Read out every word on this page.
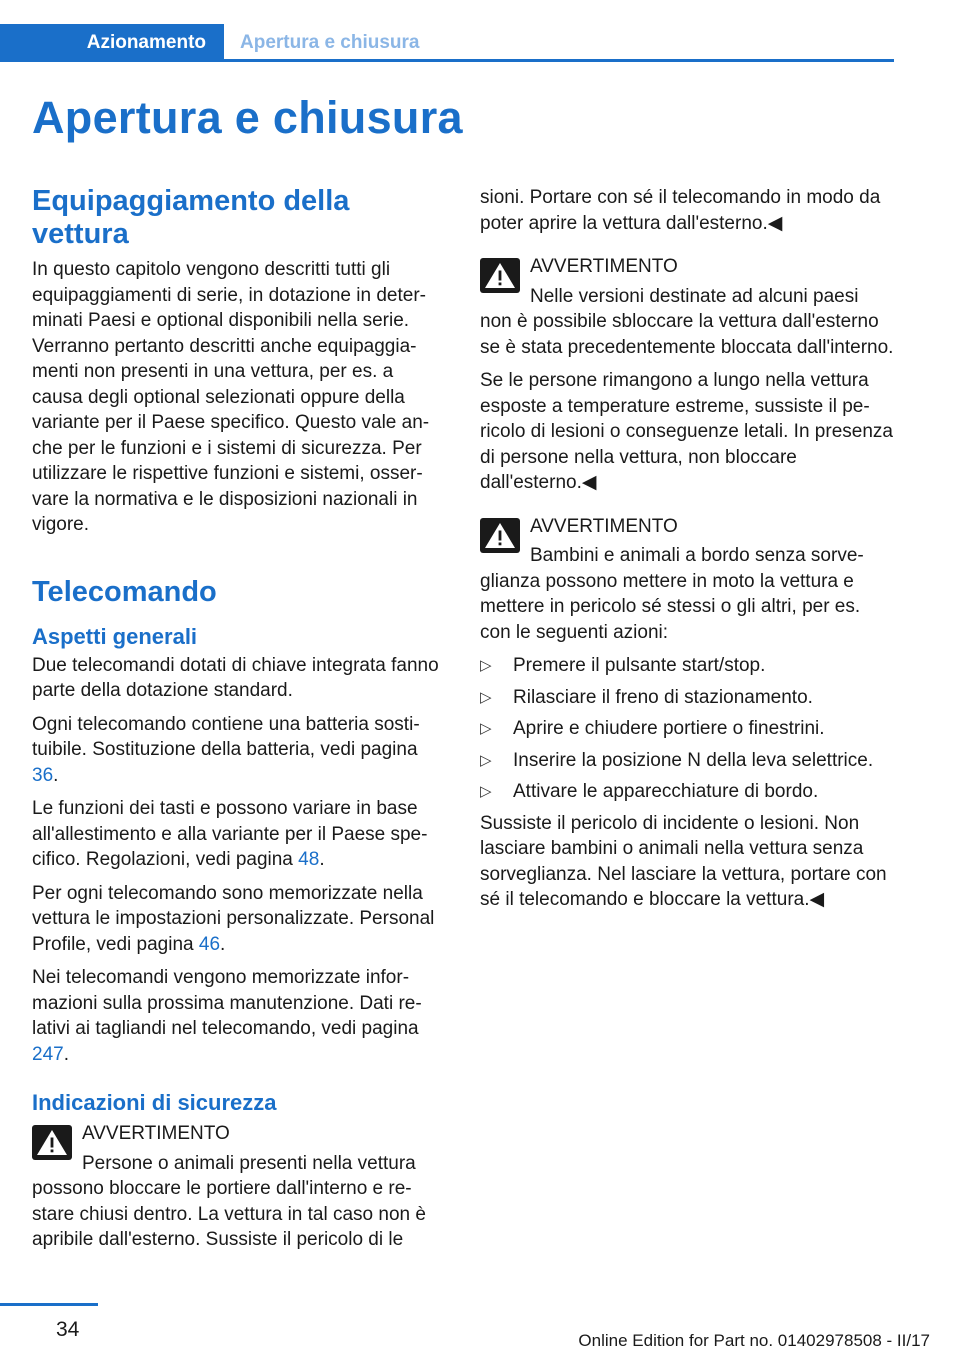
Azionamento	Apertura e chiusura
Apertura e chiusura
Equipaggiamento della vettura

In questo capitolo vengono descritti tutti gli equipaggiamenti di serie, in dotazione in determinati Paesi e optional disponibili nella serie. Verranno pertanto descritti anche equipaggiamenti non presenti in una vettura, per es. a causa degli optional selezionati oppure della variante per il Paese specifico. Questo vale anche per le funzioni e i sistemi di sicurezza. Per utilizzare le rispettive funzioni e sistemi, osservare la normativa e le disposizioni nazionali in vigore.

Telecomando
Aspetti generali

Due telecomandi dotati di chiave integrata fanno parte della dotazione standard.

Ogni telecomando contiene una batteria sostituibile. Sostituzione della batteria, vedi pagina 36.

Le funzioni dei tasti e possono variare in base all'allestimento e alla variante per il Paese specifico. Regolazioni, vedi pagina 48.

Per ogni telecomando sono memorizzate nella vettura le impostazioni personalizzate. Personal Profile, vedi pagina 46.

Nei telecomandi vengono memorizzate informazioni sulla prossima manutenzione. Dati relativi ai tagliandi nel telecomando, vedi pagina 247.

Indicazioni di sicurezza

AVVERTIMENTO

Persone o animali presenti nella vettura possono bloccare le portiere dall'interno e restare chiusi dentro. La vettura in tal caso non è apribile dall'esterno. Sussiste il pericolo di le

sioni. Portare con sé il telecomando in modo da poter aprire la vettura dall'esterno.◀

AVVERTIMENTO

Nelle versioni destinate ad alcuni paesi non è possibile sbloccare la vettura dall'esterno se è stata precedentemente bloccata dall'interno.

Se le persone rimangono a lungo nella vettura esposte a temperature estreme, sussiste il pericolo di lesioni o conseguenze letali. In presenza di persone nella vettura, non bloccare dall'esterno.◀

AVVERTIMENTO

Bambini e animali a bordo senza sorveglianza possono mettere in moto la vettura e mettere in pericolo sé stessi o gli altri, per es. con le seguenti azioni:

▷ Premere il pulsante start/stop.
▷ Rilasciare il freno di stazionamento.
▷ Aprire e chiudere portiere o finestrini.
▷ Inserire la posizione N della leva selettrice.
▷ Attivare le apparecchiature di bordo.

Sussiste il pericolo di incidente o lesioni. Non lasciare bambini o animali nella vettura senza sorveglianza. Nel lasciare la vettura, portare con sé il telecomando e bloccare la vettura.◀

34	Online Edition for Part no. 01402978508 - II/17
